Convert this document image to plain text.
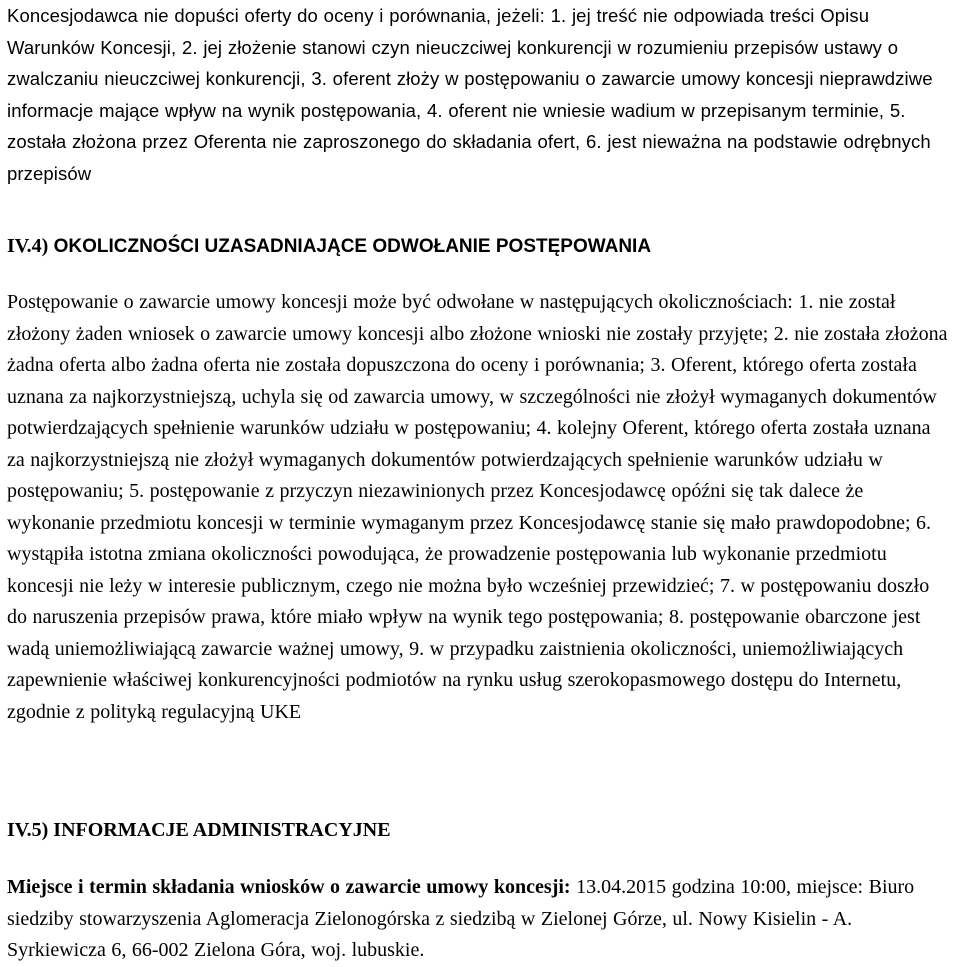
Koncesjodawca nie dopuści oferty do oceny i porównania, jeżeli: 1. jej treść nie odpowiada treści Opisu Warunków Koncesji, 2. jej złożenie stanowi czyn nieuczciwej konkurencji w rozumieniu przepisów ustawy o zwalczaniu nieuczciwej konkurencji, 3. oferent złoży w postępowaniu o zawarcie umowy koncesji nieprawdziwe informacje mające wpływ na wynik postępowania, 4. oferent nie wniesie wadium w przepisanym terminie, 5. została złożona przez Oferenta nie zaproszonego do składania ofert, 6. jest nieważna na podstawie odrębnych przepisów

IV.4) OKOLICZNOŚCI UZASADNIAJĄCE ODWOŁANIE POSTĘPOWANIA

Postępowanie o zawarcie umowy koncesji może być odwołane w następujących okolicznościach: 1. nie został złożony żaden wniosek o zawarcie umowy koncesji albo złożone wnioski nie zostały przyjęte; 2. nie została złożona żadna oferta albo żadna oferta nie została dopuszczona do oceny i porównania; 3. Oferent, którego oferta została uznana za najkorzystniejszą, uchyla się od zawarcia umowy, w szczególności nie złożył wymaganych dokumentów potwierdzających spełnienie warunków udziału w postępowaniu; 4. kolejny Oferent, którego oferta została uznana za najkorzystniejszą nie złożył wymaganych dokumentów potwierdzających spełnienie warunków udziału w postępowaniu; 5. postępowanie z przyczyn niezawinionych przez Koncesjodawcę opóźni się tak dalece że wykonanie przedmiotu koncesji w terminie wymaganym przez Koncesjodawcę stanie się mało prawdopodobne; 6. wystąpiła istotna zmiana okoliczności powodująca, że prowadzenie postępowania lub wykonanie przedmiotu koncesji nie leży w interesie publicznym, czego nie można było wcześniej przewidzieć; 7. w postępowaniu doszło do naruszenia przepisów prawa, które miało wpływ na wynik tego postępowania; 8. postępowanie obarczone jest wadą uniemożliwiającą zawarcie ważnej umowy, 9. w przypadku zaistnienia okoliczności, uniemożliwiających zapewnienie właściwej konkurencyjności podmiotów na rynku usług szerokopasmowego dostępu do Internetu, zgodnie z polityką regulacyjną UKE

IV.5) INFORMACJE ADMINISTRACYJNE

Miejsce i termin składania wniosków o zawarcie umowy koncesji: 13.04.2015 godzina 10:00, miejsce: Biuro siedziby stowarzyszenia Aglomeracja Zielonogórska z siedzibą w Zielonej Górze, ul. Nowy Kisielin - A. Syrkiewicza 6, 66-002 Zielona Góra, woj. lubuskie.
